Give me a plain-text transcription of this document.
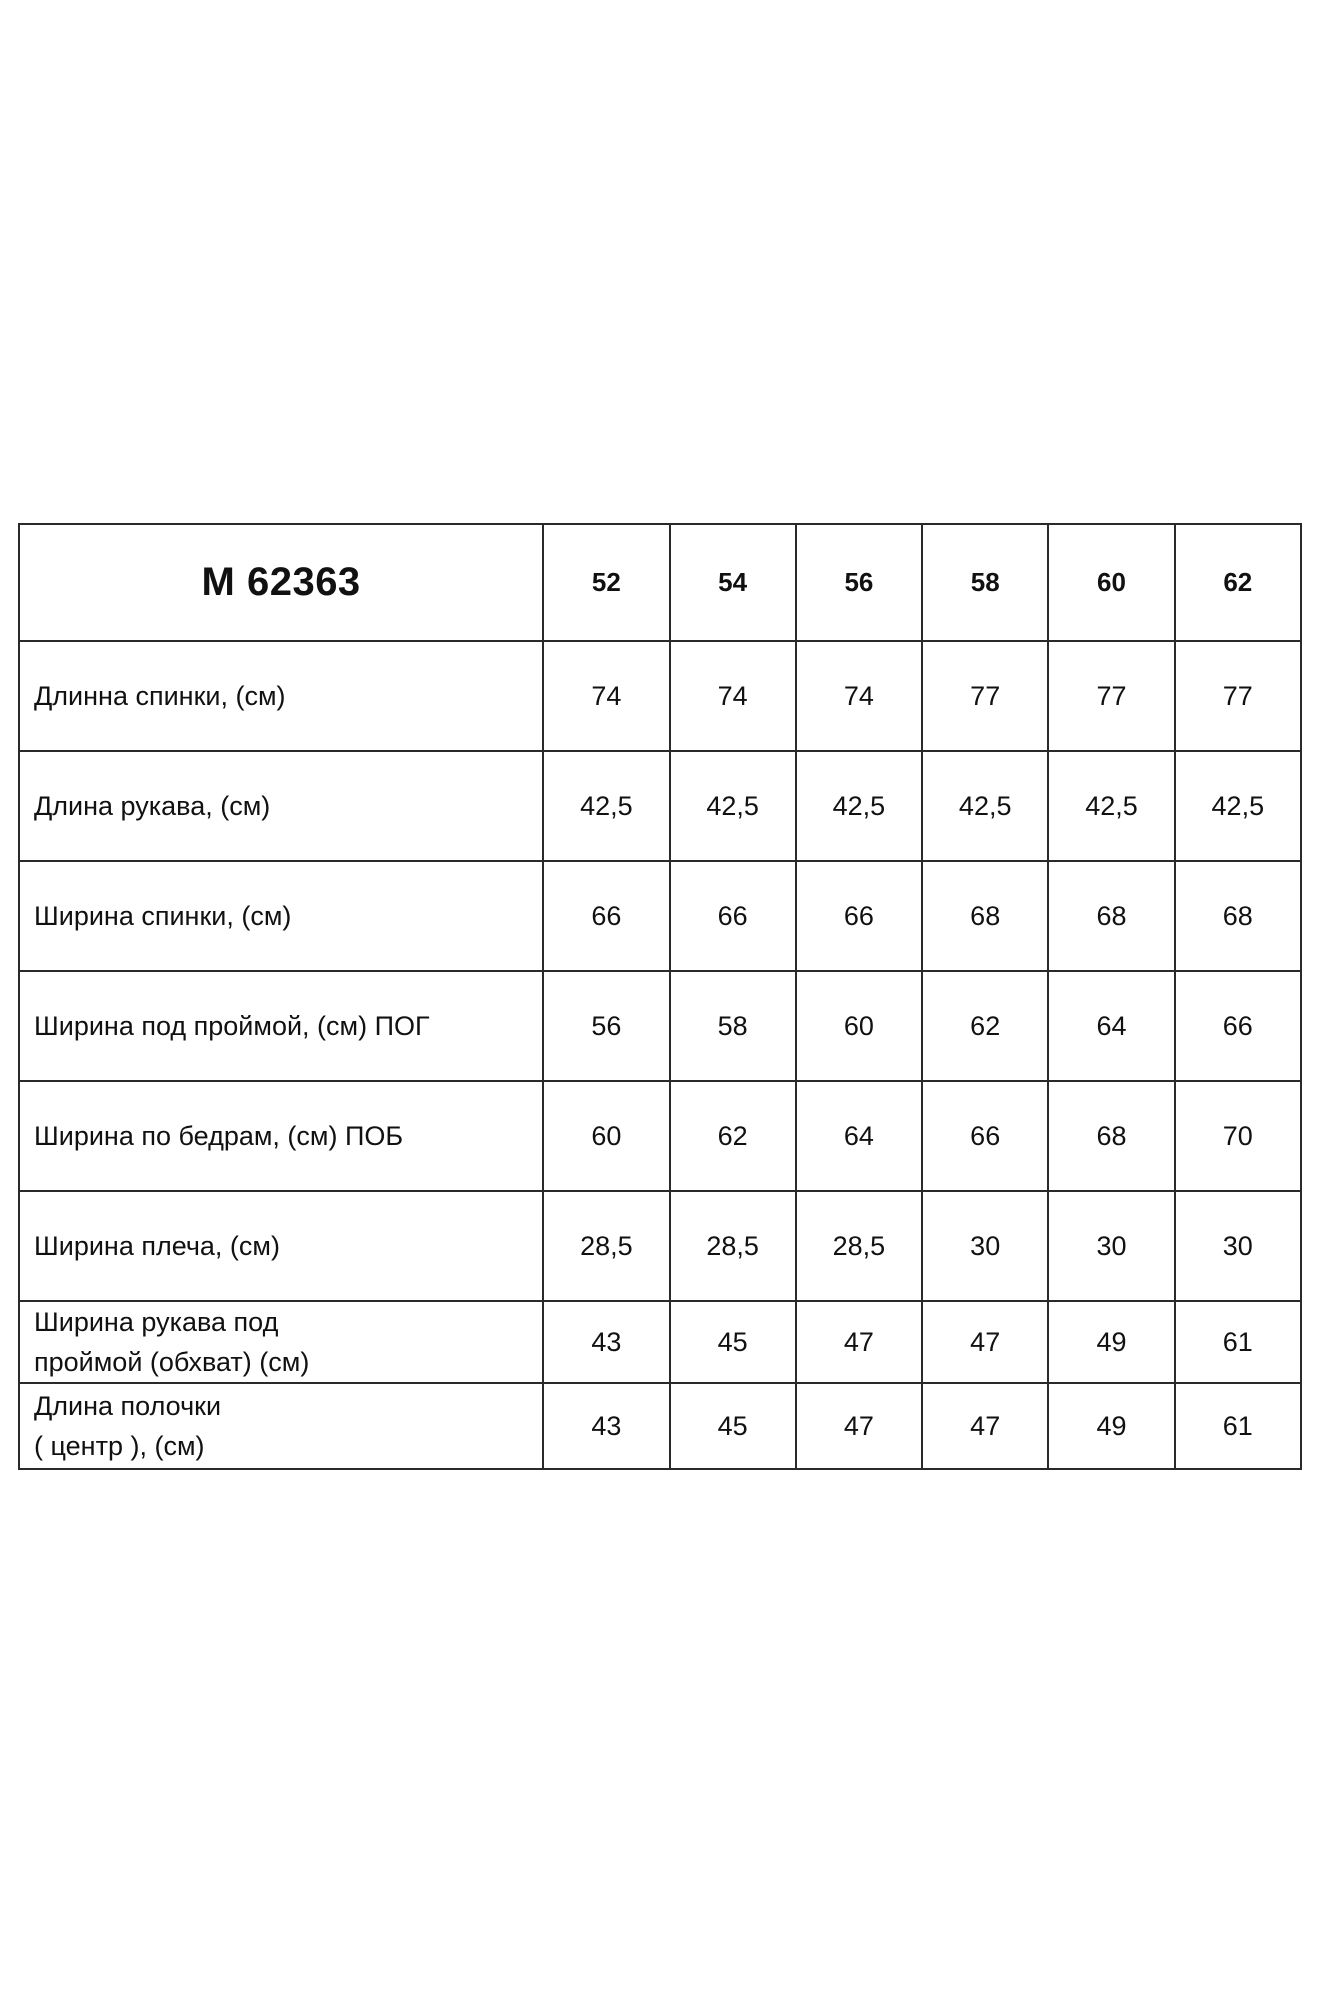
М 62363	52	54	56	58	60	62

Длинна спинки, (см)	74	74	74	77	77	77

Длина рукава, (см)	42,5	42,5	42,5	42,5	42,5	42,5

Ширина спинки, (см)	66	66	66	68	68	68

Ширина под проймой, (см) ПОГ	56	58	60	62	64	66

Ширина по бедрам, (см) ПОБ	60	62	64	66	68	70

Ширина плеча, (см)	28,5	28,5	28,5	30	30	30

Ширина рукава под
проймой (обхват) (см)	43	45	47	47	49	61

Длина полочки
( центр ), (см)	43	45	47	47	49	61
